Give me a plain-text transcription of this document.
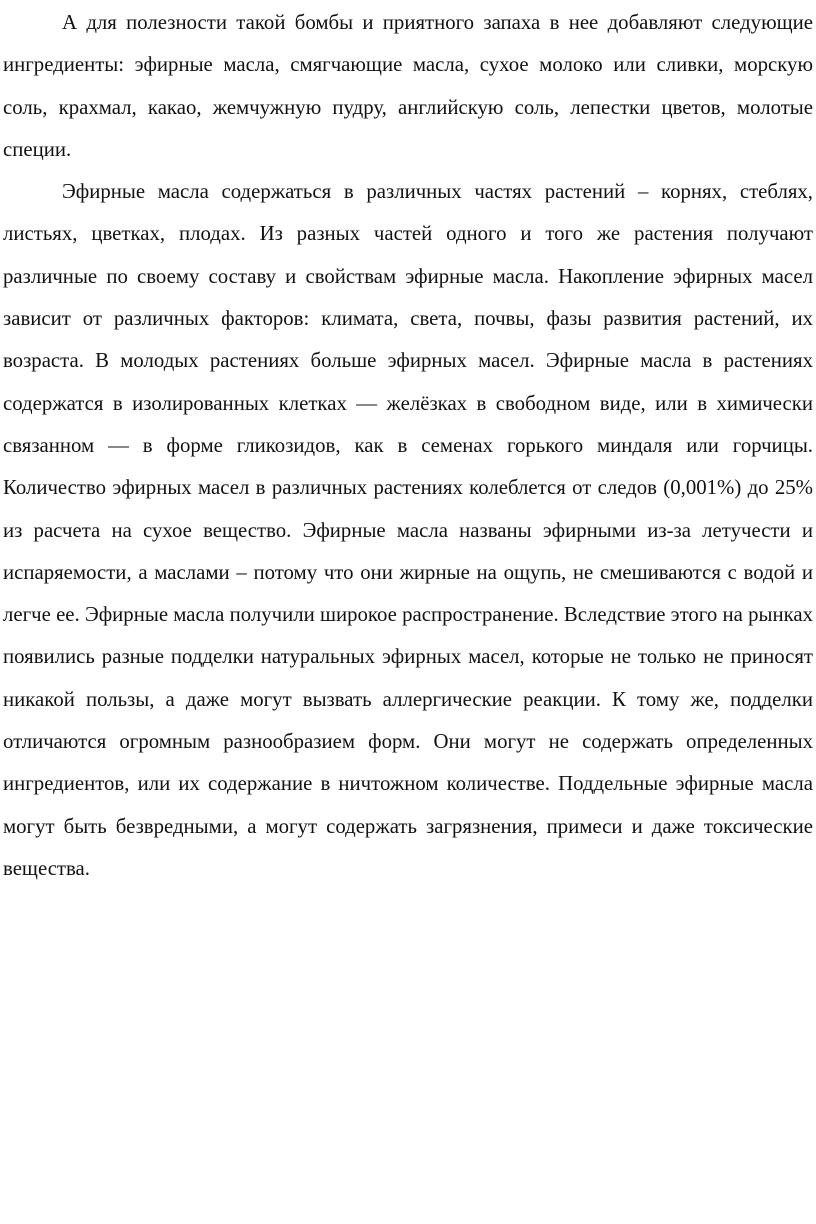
А для полезности такой бомбы и приятного запаха в нее добавляют следующие ингредиенты: эфирные масла, смягчающие масла, сухое молоко или сливки, морскую соль, крахмал, какао, жемчужную пудру, английскую соль, лепестки цветов, молотые специи.

Эфирные масла содержаться в различных частях растений – корнях, стеблях, листьях, цветках, плодах. Из разных частей одного и того же растения получают различные по своему составу и свойствам эфирные масла. Накопление эфирных масел зависит от различных факторов: климата, света, почвы, фазы развития растений, их возраста. В молодых растениях больше эфирных масел. Эфирные масла в растениях содержатся в изолированных клетках — желёзках в свободном виде, или в химически связанном — в форме гликозидов, как в семенах горького миндаля или горчицы. Количество эфирных масел в различных растениях колеблется от следов (0,001%) до 25% из расчета на сухое вещество. Эфирные масла названы эфирными из-за летучести и испаряемости, а маслами – потому что они жирные на ощупь, не смешиваются с водой и легче ее. Эфирные масла получили широкое распространение. Вследствие этого на рынках появились разные подделки натуральных эфирных масел, которые не только не приносят никакой пользы, а даже могут вызвать аллергические реакции. К тому же, подделки отличаются огромным разнообразием форм. Они могут не содержать определенных ингредиентов, или их содержание в ничтожном количестве. Поддельные эфирные масла могут быть безвредными, а могут содержать загрязнения, примеси и даже токсические вещества.
